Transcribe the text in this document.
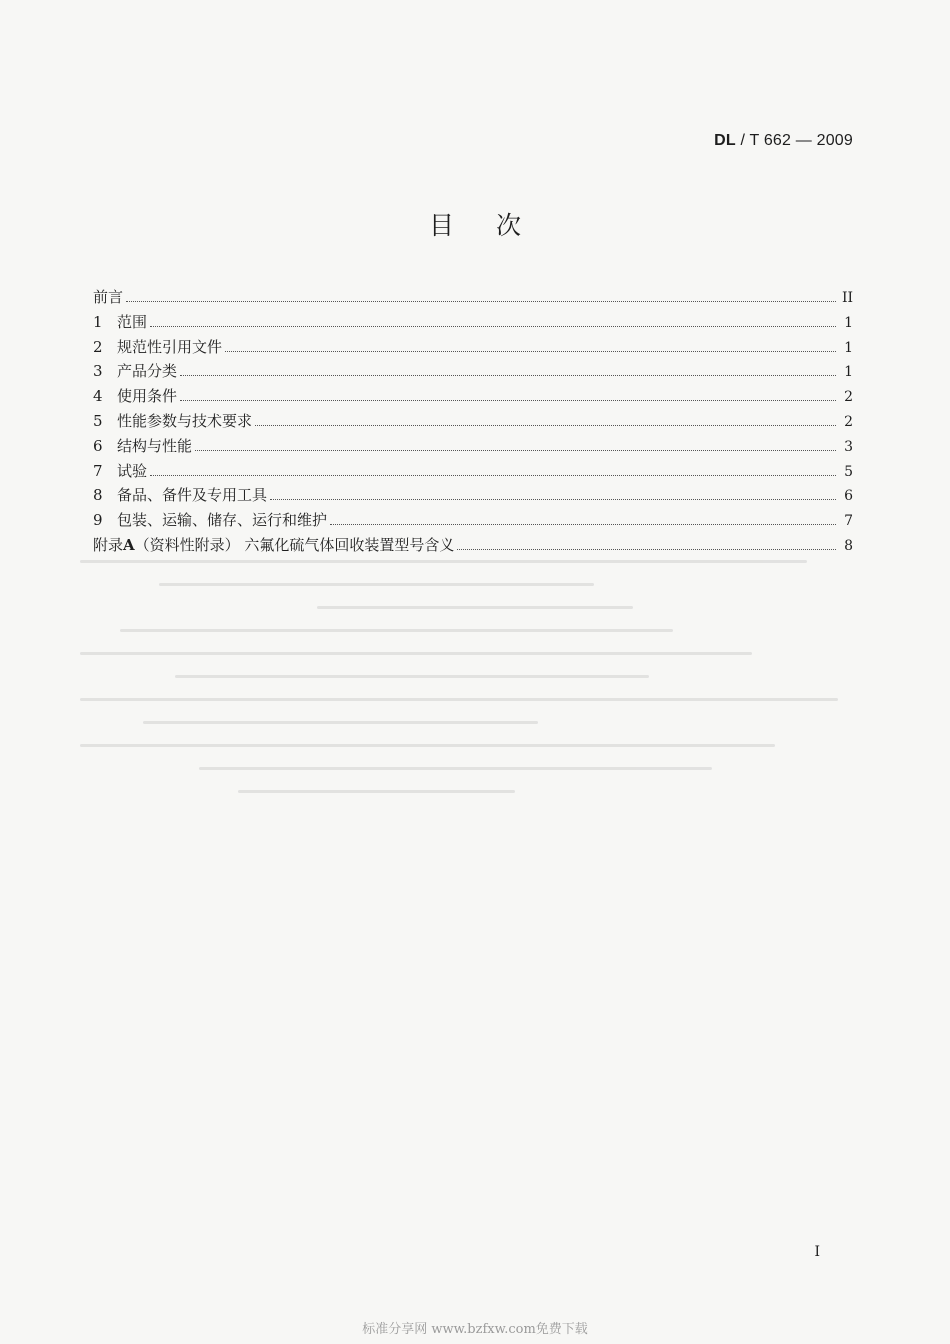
DL / T 662 — 2009
目次
前言	II
1 范围	1
2 规范性引用文件	1
3 产品分类	1
4 使用条件	2
5 性能参数与技术要求	2
6 结构与性能	3
7 试验	5
8 备品、备件及专用工具	6
9 包装、运输、储存、运行和维护	7
附录A（资料性附录） 六氟化硫气体回收装置型号含义	8
I
标准分享网 www.bzfxw.com免费下载
